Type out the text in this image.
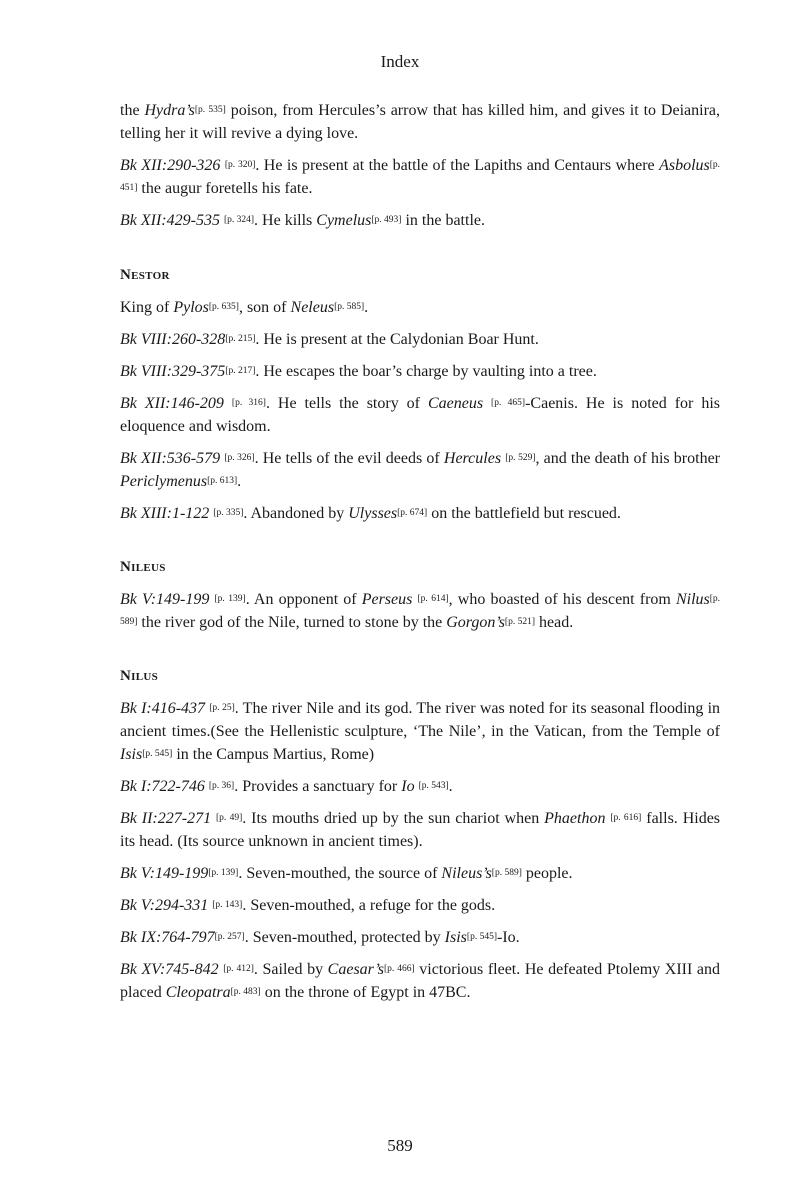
Index

the Hydra’s[p. 535] poison, from Hercules’s arrow that has killed him, and gives it to Deianira, telling her it will revive a dying love.

Bk XII:290-326 [p. 320]. He is present at the battle of the Lapiths and Centaurs where Asbolus[p. 451] the augur foretells his fate.

Bk XII:429-535 [p. 324]. He kills Cymelus[p. 493] in the battle.

Nestor

King of Pylos[p. 635], son of Neleus[p. 585].

Bk VIII:260-328[p. 215]. He is present at the Calydonian Boar Hunt.

Bk VIII:329-375[p. 217]. He escapes the boar’s charge by vaulting into a tree.

Bk XII:146-209 [p. 316]. He tells the story of Caeneus [p. 465]-Caenis. He is noted for his eloquence and wisdom.

Bk XII:536-579 [p. 326]. He tells of the evil deeds of Hercules [p. 529], and the death of his brother Periclymenus[p. 613].

Bk XIII:1-122 [p. 335]. Abandoned by Ulysses[p. 674] on the battlefield but rescued.

Nileus

Bk V:149-199 [p. 139]. An opponent of Perseus [p. 614], who boasted of his descent from Nilus[p. 589] the river god of the Nile, turned to stone by the Gorgon’s[p. 521] head.

Nilus

Bk I:416-437 [p. 25]. The river Nile and its god. The river was noted for its seasonal flooding in ancient times.(See the Hellenistic sculpture, ‘The Nile’, in the Vatican, from the Temple of Isis[p. 545] in the Campus Martius, Rome)

Bk I:722-746 [p. 36]. Provides a sanctuary for Io [p. 543].

Bk II:227-271 [p. 49]. Its mouths dried up by the sun chariot when Phaethon [p. 616] falls. Hides its head. (Its source unknown in ancient times).

Bk V:149-199[p. 139]. Seven-mouthed, the source of Nileus’s[p. 589] people.

Bk V:294-331 [p. 143]. Seven-mouthed, a refuge for the gods.

Bk IX:764-797[p. 257]. Seven-mouthed, protected by Isis[p. 545]-Io.

Bk XV:745-842 [p. 412]. Sailed by Caesar’s[p. 466] victorious fleet. He defeated Ptolemy XIII and placed Cleopatra[p. 483] on the throne of Egypt in 47BC.

589
